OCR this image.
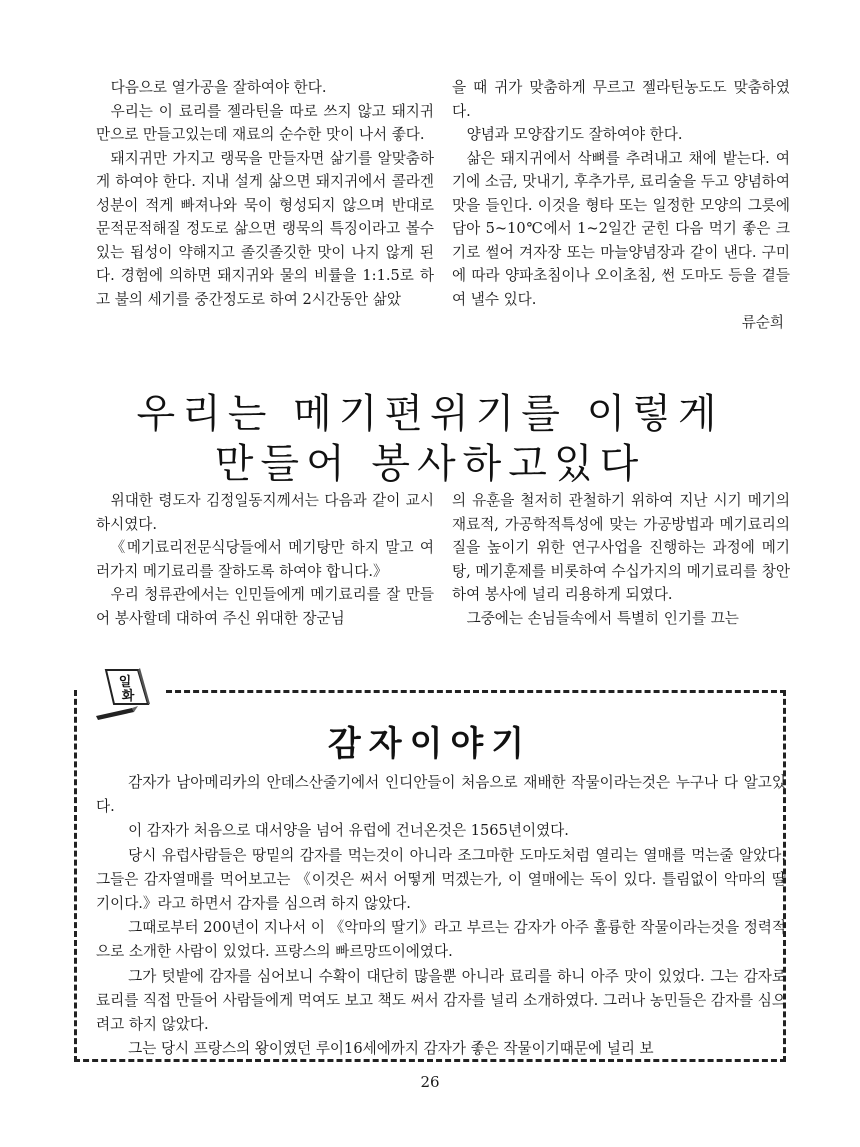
다음으로 열가공을 잘하여야 한다.

우리는 이 료리를 젤라틴을 따로 쓰지 않고 돼지귀만으로 만들고있는데 재료의 순수한 맛이 나서 좋다.

돼지귀만 가지고 랭묵을 만들자면 삶기를 알맞춤하게 하여야 한다. 지내 설게 삶으면 돼지귀에서 콜라겐성분이 적게 빠져나와 묵이 형성되지 않으며 반대로 문적문적해질 정도로 삶으면 랭묵의 특징이라고 볼수 있는 됩성이 약해지고 졸깃졸깃한 맛이 나지 않게 된다. 경험에 의하면 돼지귀와 물의 비률을 1:1.5로 하고 불의 세기를 중간정도로 하여 2시간동안 삶았

을 때 귀가 맞춤하게 무르고 젤라틴농도도 맞춤하였다.

양념과 모양잡기도 잘하여야 한다.

삶은 돼지귀에서 삭뼈를 추려내고 채에 밭는다. 여기에 소금, 맛내기, 후추가루, 료리술을 두고 양념하여 맛을 들인다. 이것을 형타 또는 일정한 모양의 그릇에 담아 5~10℃에서 1~2일간 굳힌 다음 먹기 좋은 크기로 썰어 겨자장 또는 마늘양념장과 같이 낸다. 구미에 따라 양파초침이나 오이초침, 썬 도마도 등을 곁들여 낼수 있다.

류순희

우리는 메기편위기를 이렇게
만들어 봉사하고있다

위대한 령도자 김정일동지께서는 다음과 같이 교시하시였다.

《메기료리전문식당들에서 메기탕만 하지 말고 여러가지 메기료리를 잘하도록 하여야 합니다.》

우리 청류관에서는 인민들에게 메기료리를 잘 만들어 봉사할데 대하여 주신 위대한 장군님

의 유훈을 철저히 관철하기 위하여 지난 시기 메기의 재료적, 가공학적특성에 맞는 가공방법과 메기료리의 질을 높이기 위한 연구사업을 진행하는 과정에 메기탕, 메기훈제를 비롯하여 수십가지의 메기료리를 창안하여 봉사에 널리 리용하게 되였다.

그중에는 손님들속에서 특별히 인기를 끄는

일
화
감자이야기

감자가 남아메리카의 안데스산줄기에서 인디안들이 처음으로 재배한 작물이라는것은 누구나 다 알고있다.

이 감자가 처음으로 대서양을 넘어 유럽에 건너온것은 1565년이였다.

당시 유럽사람들은 땅밑의 감자를 먹는것이 아니라 조그마한 도마도처럼 열리는 열매를 먹는줄 알았다. 그들은 감자열매를 먹어보고는 《이것은 써서 어떻게 먹겠는가, 이 열매에는 독이 있다. 틀림없이 악마의 딸기이다.》라고 하면서 감자를 심으려 하지 않았다.

그때로부터 200년이 지나서 이 《악마의 딸기》라고 부르는 감자가 아주 훌륭한 작물이라는것을 정력적으로 소개한 사람이 있었다. 프랑스의 빠르망뜨이에였다.

그가 텃밭에 감자를 심어보니 수확이 대단히 많을뿐 아니라 료리를 하니 아주 맛이 있었다. 그는 감자로 료리를 직접 만들어 사람들에게 먹여도 보고 책도 써서 감자를 널리 소개하였다. 그러나 농민들은 감자를 심으려고 하지 않았다.

그는 당시 프랑스의 왕이였던 루이16세에까지 감자가 좋은 작물이기때문에 널리 보

26
